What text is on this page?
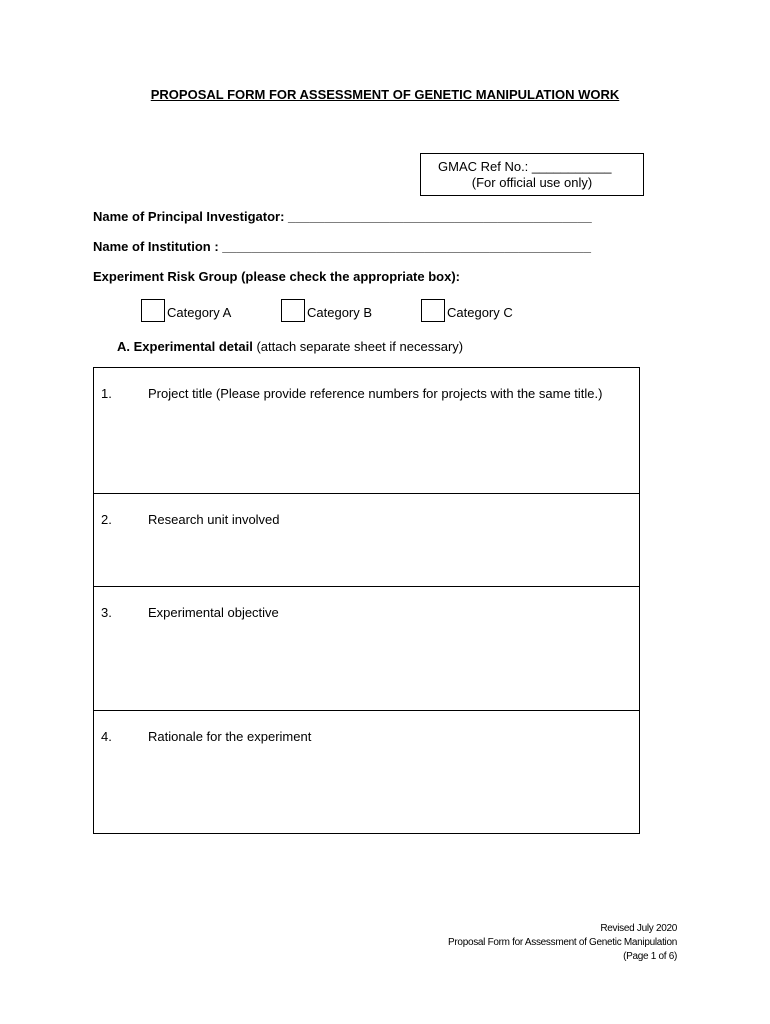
PROPOSAL FORM FOR ASSESSMENT OF GENETIC MANIPULATION WORK
GMAC Ref No.: ___________
(For official use only)
Name of Principal Investigator: __________________________________________
Name of Institution : ___________________________________________________
Experiment Risk Group (please check the appropriate box):
Category A	Category B	Category C
A. Experimental detail (attach separate sheet if necessary)
1.	Project title (Please provide reference numbers for projects with the same title.)
2.	Research unit involved
3.	Experimental objective
4.	Rationale for the experiment
Revised July 2020
Proposal Form for Assessment of Genetic Manipulation
(Page 1 of 6)
